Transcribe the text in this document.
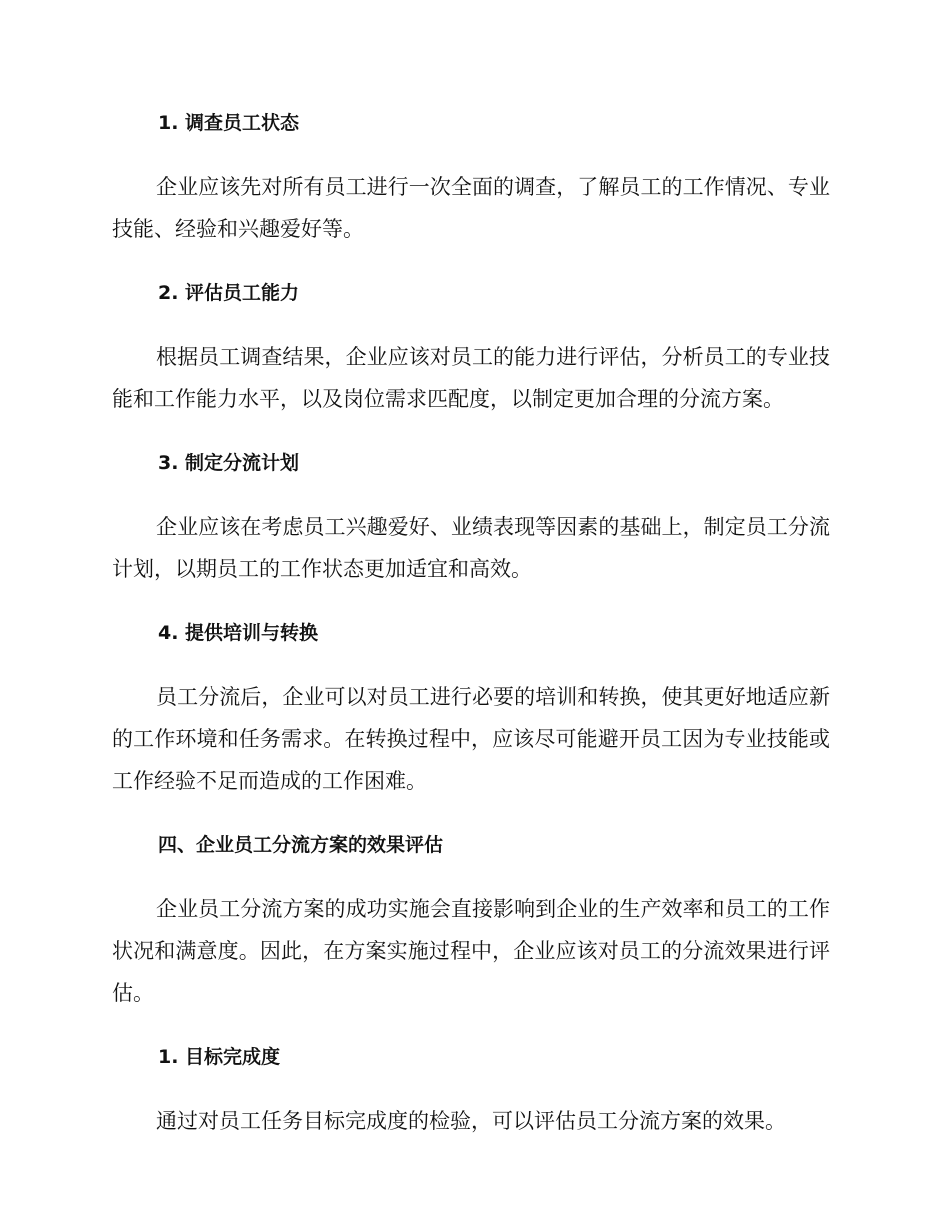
1. 调查员工状态

企业应该先对所有员工进行一次全面的调查，了解员工的工作情况、专业技能、经验和兴趣爱好等。

2. 评估员工能力

根据员工调查结果，企业应该对员工的能力进行评估，分析员工的专业技能和工作能力水平，以及岗位需求匹配度，以制定更加合理的分流方案。

3. 制定分流计划

企业应该在考虑员工兴趣爱好、业绩表现等因素的基础上，制定员工分流计划，以期员工的工作状态更加适宜和高效。

4. 提供培训与转换

员工分流后，企业可以对员工进行必要的培训和转换，使其更好地适应新的工作环境和任务需求。在转换过程中，应该尽可能避开员工因为专业技能或工作经验不足而造成的工作困难。

四、企业员工分流方案的效果评估

企业员工分流方案的成功实施会直接影响到企业的生产效率和员工的工作状况和满意度。因此，在方案实施过程中，企业应该对员工的分流效果进行评估。

1. 目标完成度

通过对员工任务目标完成度的检验，可以评估员工分流方案的效果。
